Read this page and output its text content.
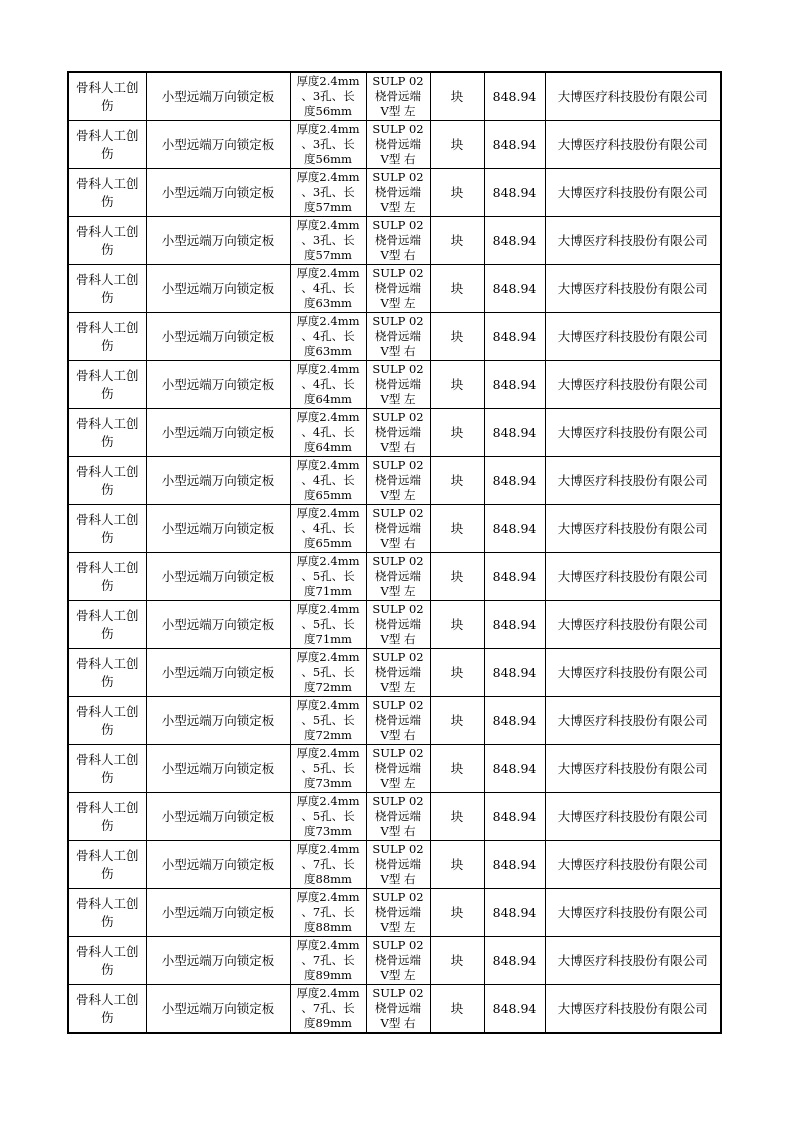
骨科人工创伤	小型远端万向锁定板	厚度2.4mm
、3孔、长
度56mm	SULP 02
桡骨远端
V型 左	块	848.94	大博医疗科技股份有限公司
骨科人工创伤	小型远端万向锁定板	厚度2.4mm
、3孔、长
度56mm	SULP 02
桡骨远端
V型 右	块	848.94	大博医疗科技股份有限公司
骨科人工创伤	小型远端万向锁定板	厚度2.4mm
、3孔、长
度57mm	SULP 02
桡骨远端
V型 左	块	848.94	大博医疗科技股份有限公司
骨科人工创伤	小型远端万向锁定板	厚度2.4mm
、3孔、长
度57mm	SULP 02
桡骨远端
V型 右	块	848.94	大博医疗科技股份有限公司
骨科人工创伤	小型远端万向锁定板	厚度2.4mm
、4孔、长
度63mm	SULP 02
桡骨远端
V型 左	块	848.94	大博医疗科技股份有限公司
骨科人工创伤	小型远端万向锁定板	厚度2.4mm
、4孔、长
度63mm	SULP 02
桡骨远端
V型 右	块	848.94	大博医疗科技股份有限公司
骨科人工创伤	小型远端万向锁定板	厚度2.4mm
、4孔、长
度64mm	SULP 02
桡骨远端
V型 左	块	848.94	大博医疗科技股份有限公司
骨科人工创伤	小型远端万向锁定板	厚度2.4mm
、4孔、长
度64mm	SULP 02
桡骨远端
V型 右	块	848.94	大博医疗科技股份有限公司
骨科人工创伤	小型远端万向锁定板	厚度2.4mm
、4孔、长
度65mm	SULP 02
桡骨远端
V型 左	块	848.94	大博医疗科技股份有限公司
骨科人工创伤	小型远端万向锁定板	厚度2.4mm
、4孔、长
度65mm	SULP 02
桡骨远端
V型 右	块	848.94	大博医疗科技股份有限公司
骨科人工创伤	小型远端万向锁定板	厚度2.4mm
、5孔、长
度71mm	SULP 02
桡骨远端
V型 左	块	848.94	大博医疗科技股份有限公司
骨科人工创伤	小型远端万向锁定板	厚度2.4mm
、5孔、长
度71mm	SULP 02
桡骨远端
V型 右	块	848.94	大博医疗科技股份有限公司
骨科人工创伤	小型远端万向锁定板	厚度2.4mm
、5孔、长
度72mm	SULP 02
桡骨远端
V型 左	块	848.94	大博医疗科技股份有限公司
骨科人工创伤	小型远端万向锁定板	厚度2.4mm
、5孔、长
度72mm	SULP 02
桡骨远端
V型 右	块	848.94	大博医疗科技股份有限公司
骨科人工创伤	小型远端万向锁定板	厚度2.4mm
、5孔、长
度73mm	SULP 02
桡骨远端
V型 左	块	848.94	大博医疗科技股份有限公司
骨科人工创伤	小型远端万向锁定板	厚度2.4mm
、5孔、长
度73mm	SULP 02
桡骨远端
V型 右	块	848.94	大博医疗科技股份有限公司
骨科人工创伤	小型远端万向锁定板	厚度2.4mm
、7孔、长
度88mm	SULP 02
桡骨远端
V型 右	块	848.94	大博医疗科技股份有限公司
骨科人工创伤	小型远端万向锁定板	厚度2.4mm
、7孔、长
度88mm	SULP 02
桡骨远端
V型 左	块	848.94	大博医疗科技股份有限公司
骨科人工创伤	小型远端万向锁定板	厚度2.4mm
、7孔、长
度89mm	SULP 02
桡骨远端
V型 左	块	848.94	大博医疗科技股份有限公司
骨科人工创伤	小型远端万向锁定板	厚度2.4mm
、7孔、长
度89mm	SULP 02
桡骨远端
V型 右	块	848.94	大博医疗科技股份有限公司
